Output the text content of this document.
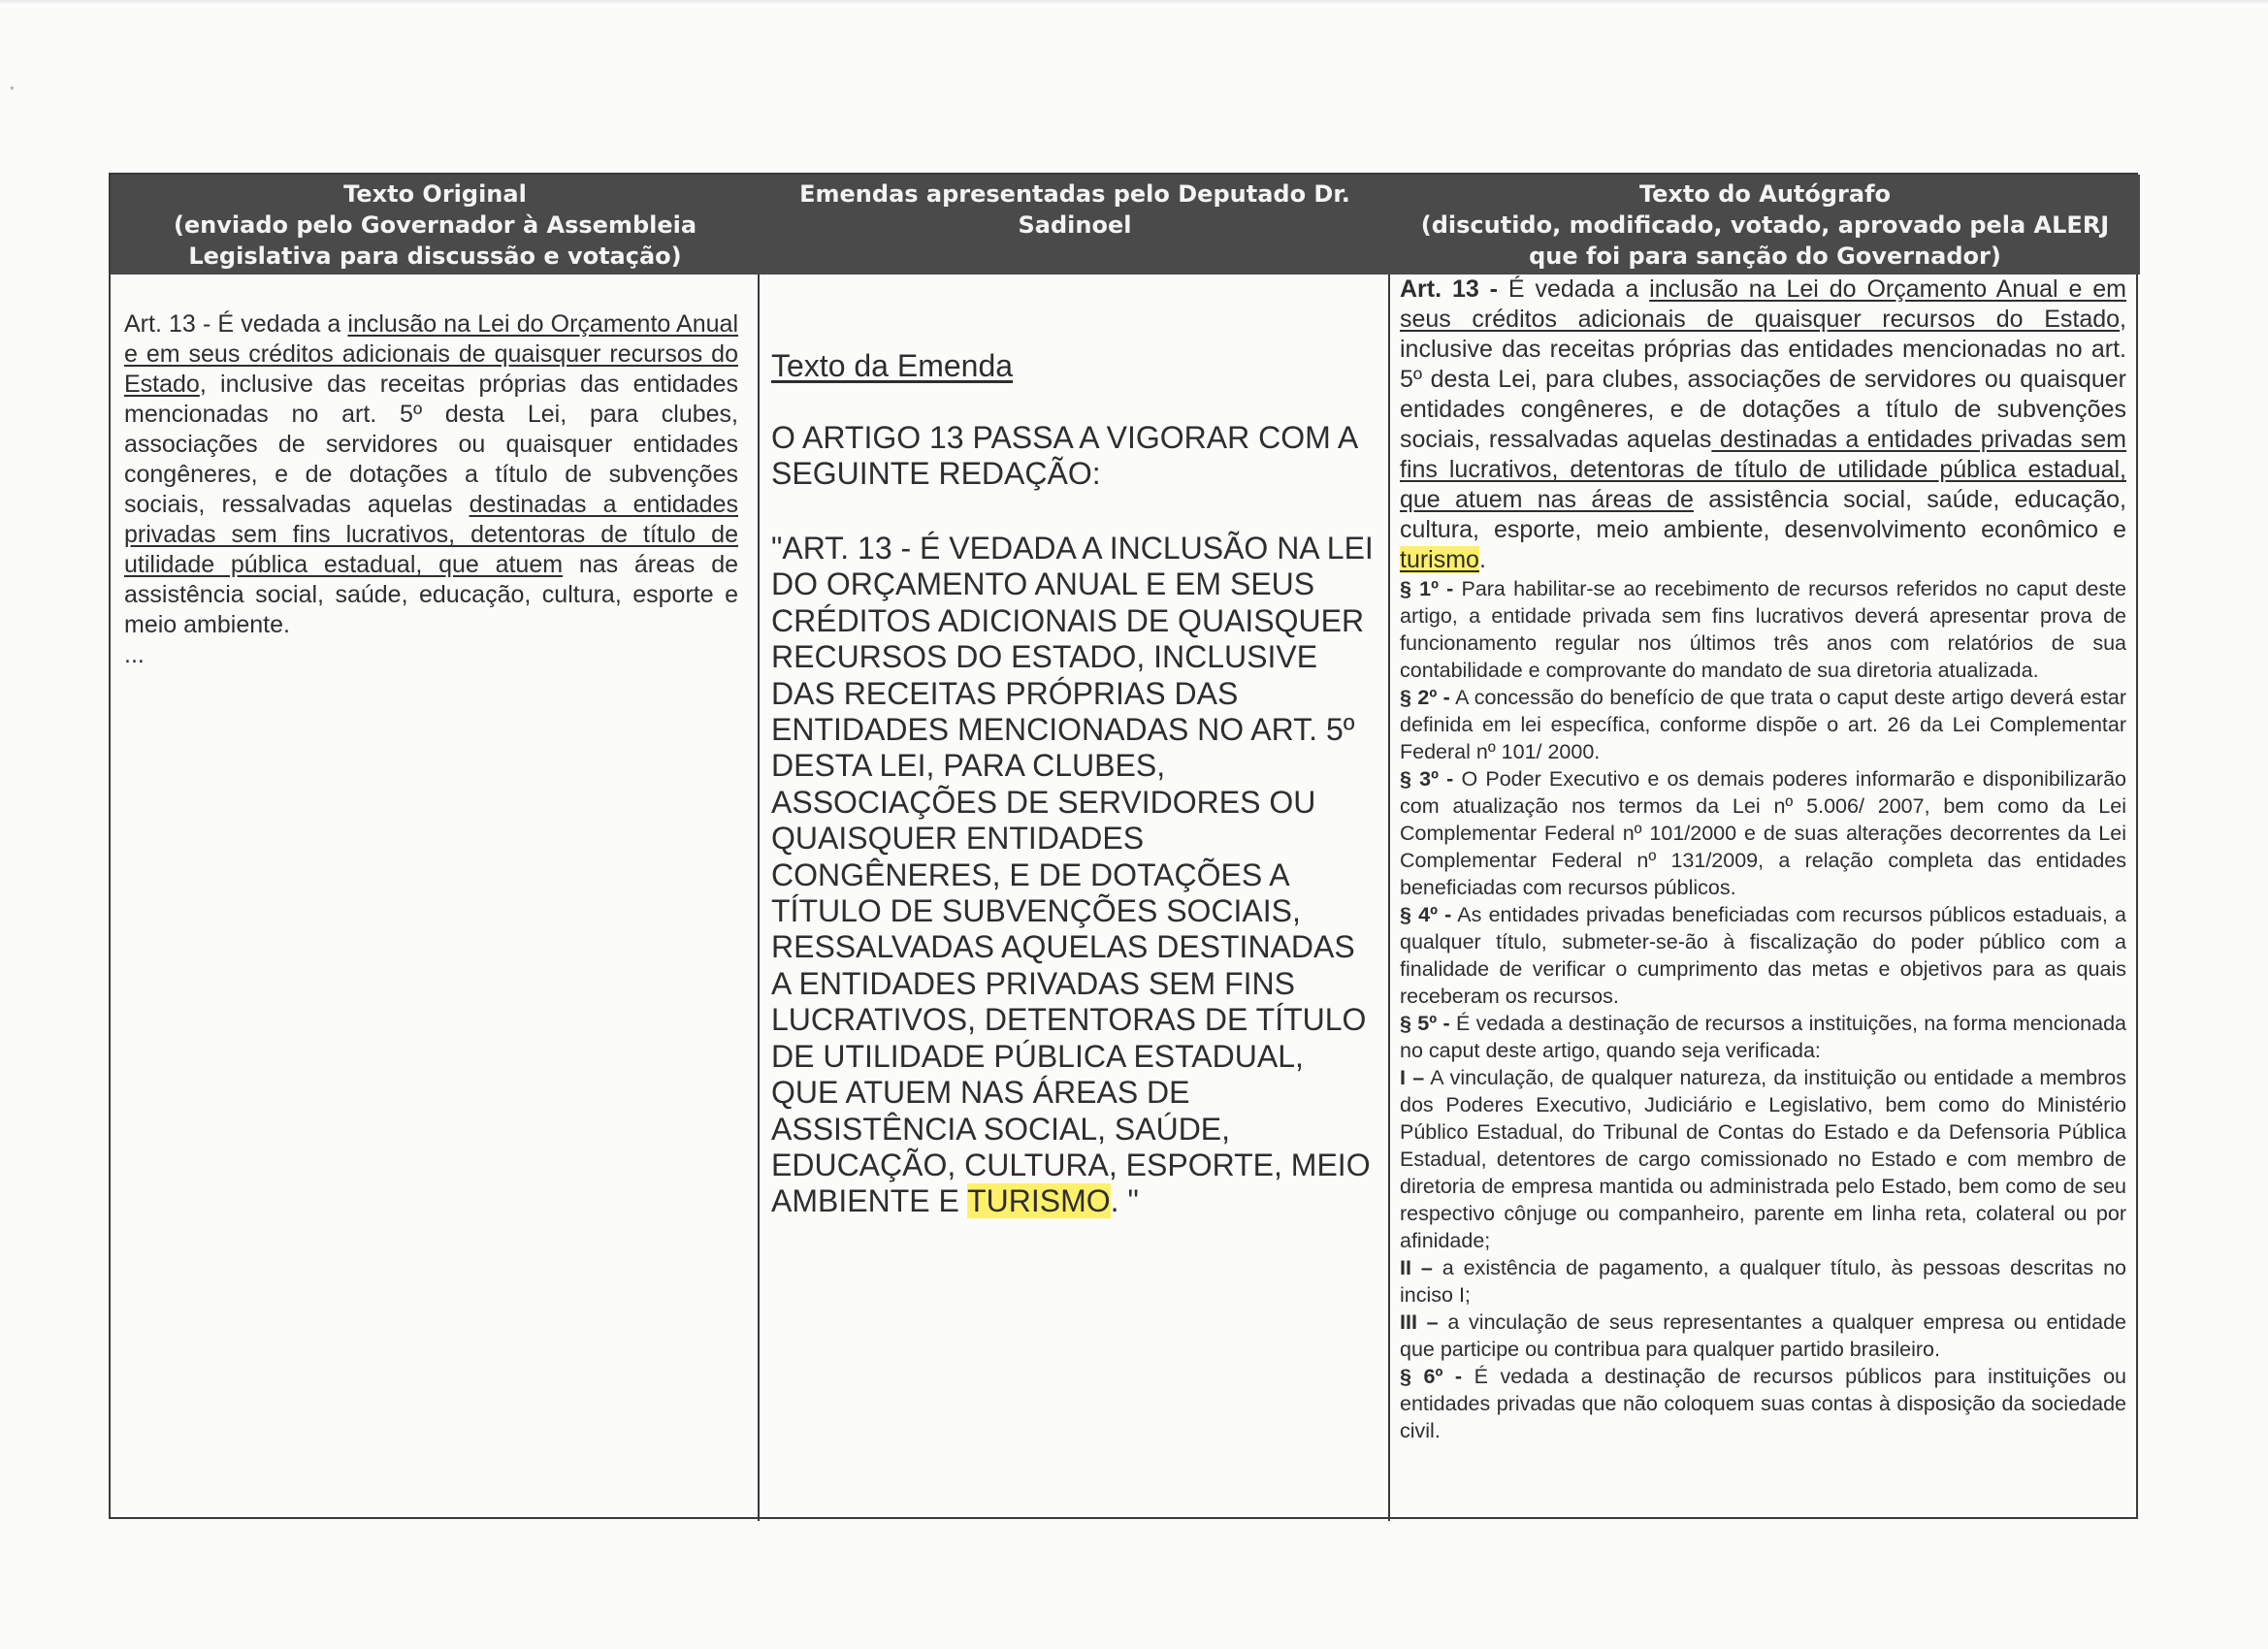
*
Texto Original
(enviado pelo Governador à Assembleia
Legislativa para discussão e votação)
Emendas apresentadas pelo Deputado Dr.
Sadinoel
Texto do Autógrafo
(discutido, modificado, votado, aprovado pela ALERJ
que foi para sanção do Governador)
Art. 13 - É vedada a inclusão na Lei do Orçamento Anual e em seus créditos adicionais de quaisquer recursos do Estado, inclusive das receitas próprias das entidades mencionadas no art. 5º desta Lei, para clubes, associações de servidores ou quaisquer entidades congêneres, e de dotações a título de subvenções sociais, ressalvadas aquelas destinadas a entidades privadas sem fins lucrativos, detentoras de título de utilidade pública estadual, que atuem nas áreas de assistência social, saúde, educação, cultura, esporte e meio ambiente.
...
Texto da Emenda
O ARTIGO 13 PASSA A VIGORAR COM A SEGUINTE REDAÇÃO:
"ART. 13 - É VEDADA A INCLUSÃO NA LEI DO ORÇAMENTO ANUAL E EM SEUS CRÉDITOS ADICIONAIS DE QUAISQUER RECURSOS DO ESTADO, INCLUSIVE DAS RECEITAS PRÓPRIAS DAS ENTIDADES MENCIONADAS NO ART. 5º DESTA LEI, PARA CLUBES, ASSOCIAÇÕES DE SERVIDORES OU QUAISQUER ENTIDADES CONGÊNERES, E DE DOTAÇÕES A TÍTULO DE SUBVENÇÕES SOCIAIS, RESSALVADAS AQUELAS DESTINADAS A ENTIDADES PRIVADAS SEM FINS LUCRATIVOS, DETENTORAS DE TÍTULO DE UTILIDADE PÚBLICA ESTADUAL, QUE ATUEM NAS ÁREAS DE ASSISTÊNCIA SOCIAL, SAÚDE, EDUCAÇÃO, CULTURA, ESPORTE, MEIO AMBIENTE E TURISMO. "

Art. 13 - É vedada a inclusão na Lei do Orçamento Anual e em seus créditos adicionais de quaisquer recursos do Estado, inclusive das receitas próprias das entidades mencionadas no art. 5º desta Lei, para clubes, associações de servidores ou quaisquer entidades congêneres, e de dotações a título de subvenções sociais, ressalvadas aquelas destinadas a entidades privadas sem fins lucrativos, detentoras de título de utilidade pública estadual, que atuem nas áreas de assistência social, saúde, educação, cultura, esporte, meio ambiente, desenvolvimento econômico e turismo.

§ 1º - Para habilitar-se ao recebimento de recursos referidos no caput deste artigo, a entidade privada sem fins lucrativos deverá apresentar prova de funcionamento regular nos últimos três anos com relatórios de sua contabilidade e comprovante do mandato de sua diretoria atualizada.

§ 2º - A concessão do benefício de que trata o caput deste artigo deverá estar definida em lei específica, conforme dispõe o art. 26 da Lei Complementar Federal nº 101/ 2000.

§ 3º - O Poder Executivo e os demais poderes informarão e disponibilizarão com atualização nos termos da Lei nº 5.006/ 2007, bem como da Lei Complementar Federal nº 101/2000 e de suas alterações decorrentes da Lei Complementar Federal nº 131/2009, a relação completa das entidades beneficiadas com recursos públicos.

§ 4º - As entidades privadas beneficiadas com recursos públicos estaduais, a qualquer título, submeter-se-ão à fiscalização do poder público com a finalidade de verificar o cumprimento das metas e objetivos para as quais receberam os recursos.

§ 5º - É vedada a destinação de recursos a instituições, na forma mencionada no caput deste artigo, quando seja verificada:

I – A vinculação, de qualquer natureza, da instituição ou entidade a membros dos Poderes Executivo, Judiciário e Legislativo, bem como do Ministério Público Estadual, do Tribunal de Contas do Estado e da Defensoria Pública Estadual, detentores de cargo comissionado no Estado e com membro de diretoria de empresa mantida ou administrada pelo Estado, bem como de seu respectivo cônjuge ou companheiro, parente em linha reta, colateral ou por afinidade;

II – a existência de pagamento, a qualquer título, às pessoas descritas no inciso I;

III – a vinculação de seus representantes a qualquer empresa ou entidade que participe ou contribua para qualquer partido brasileiro.

§ 6º - É vedada a destinação de recursos públicos para instituições ou entidades privadas que não coloquem suas contas à disposição da sociedade civil.
